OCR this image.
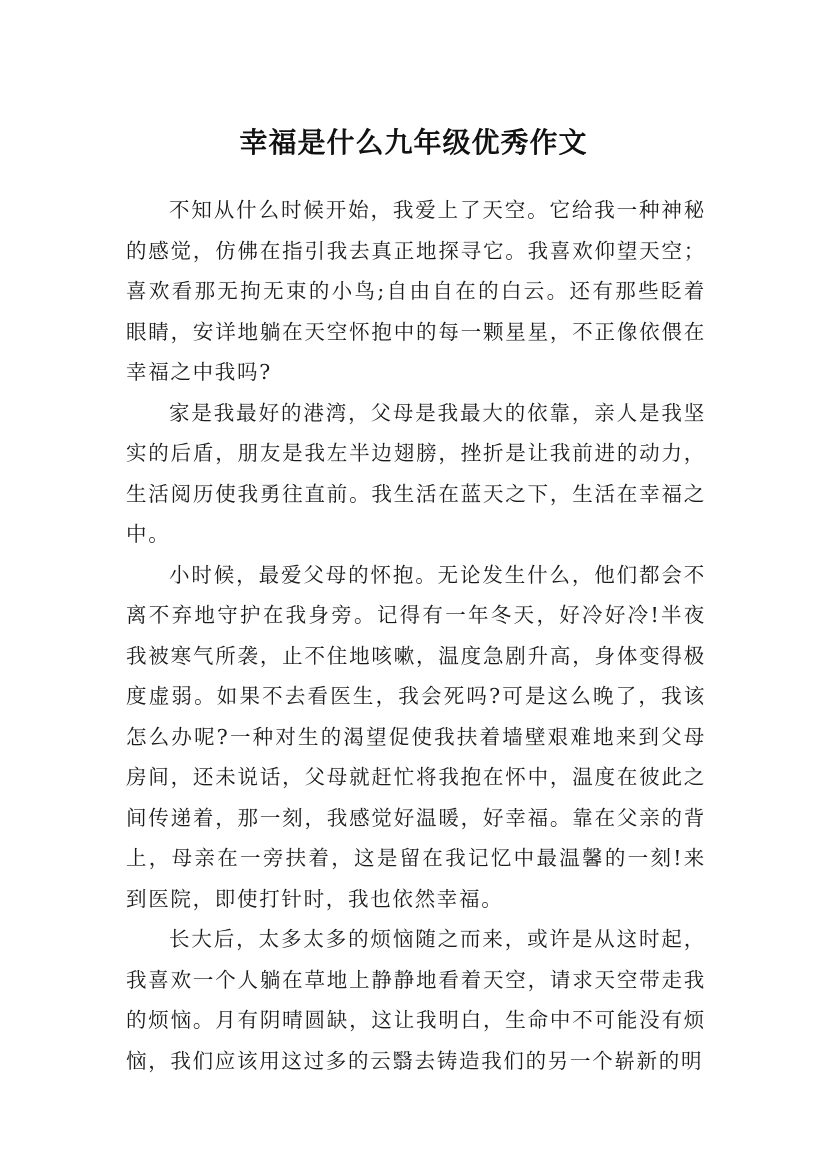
幸福是什么九年级优秀作文

不知从什么时候开始，我爱上了天空。它给我一种神秘的感觉，仿佛在指引我去真正地探寻它。我喜欢仰望天空；喜欢看那无拘无束的小鸟;自由自在的白云。还有那些眨着眼睛，安详地躺在天空怀抱中的每一颗星星，不正像依偎在幸福之中我吗?

家是我最好的港湾，父母是我最大的依靠，亲人是我坚实的后盾，朋友是我左半边翅膀，挫折是让我前进的动力，生活阅历使我勇往直前。我生活在蓝天之下，生活在幸福之中。

小时候，最爱父母的怀抱。无论发生什么，他们都会不离不弃地守护在我身旁。记得有一年冬天，好冷好冷!半夜我被寒气所袭，止不住地咳嗽，温度急剧升高，身体变得极度虚弱。如果不去看医生，我会死吗?可是这么晚了，我该怎么办呢?一种对生的渴望促使我扶着墙壁艰难地来到父母房间，还未说话，父母就赶忙将我抱在怀中，温度在彼此之间传递着，那一刻，我感觉好温暖，好幸福。靠在父亲的背上，母亲在一旁扶着，这是留在我记忆中最温馨的一刻!来到医院，即使打针时，我也依然幸福。

长大后，太多太多的烦恼随之而来，或许是从这时起，我喜欢一个人躺在草地上静静地看着天空，请求天空带走我的烦恼。月有阴晴圆缺，这让我明白，生命中不可能没有烦恼，我们应该用这过多的云翳去铸造我们的另一个崭新的明
